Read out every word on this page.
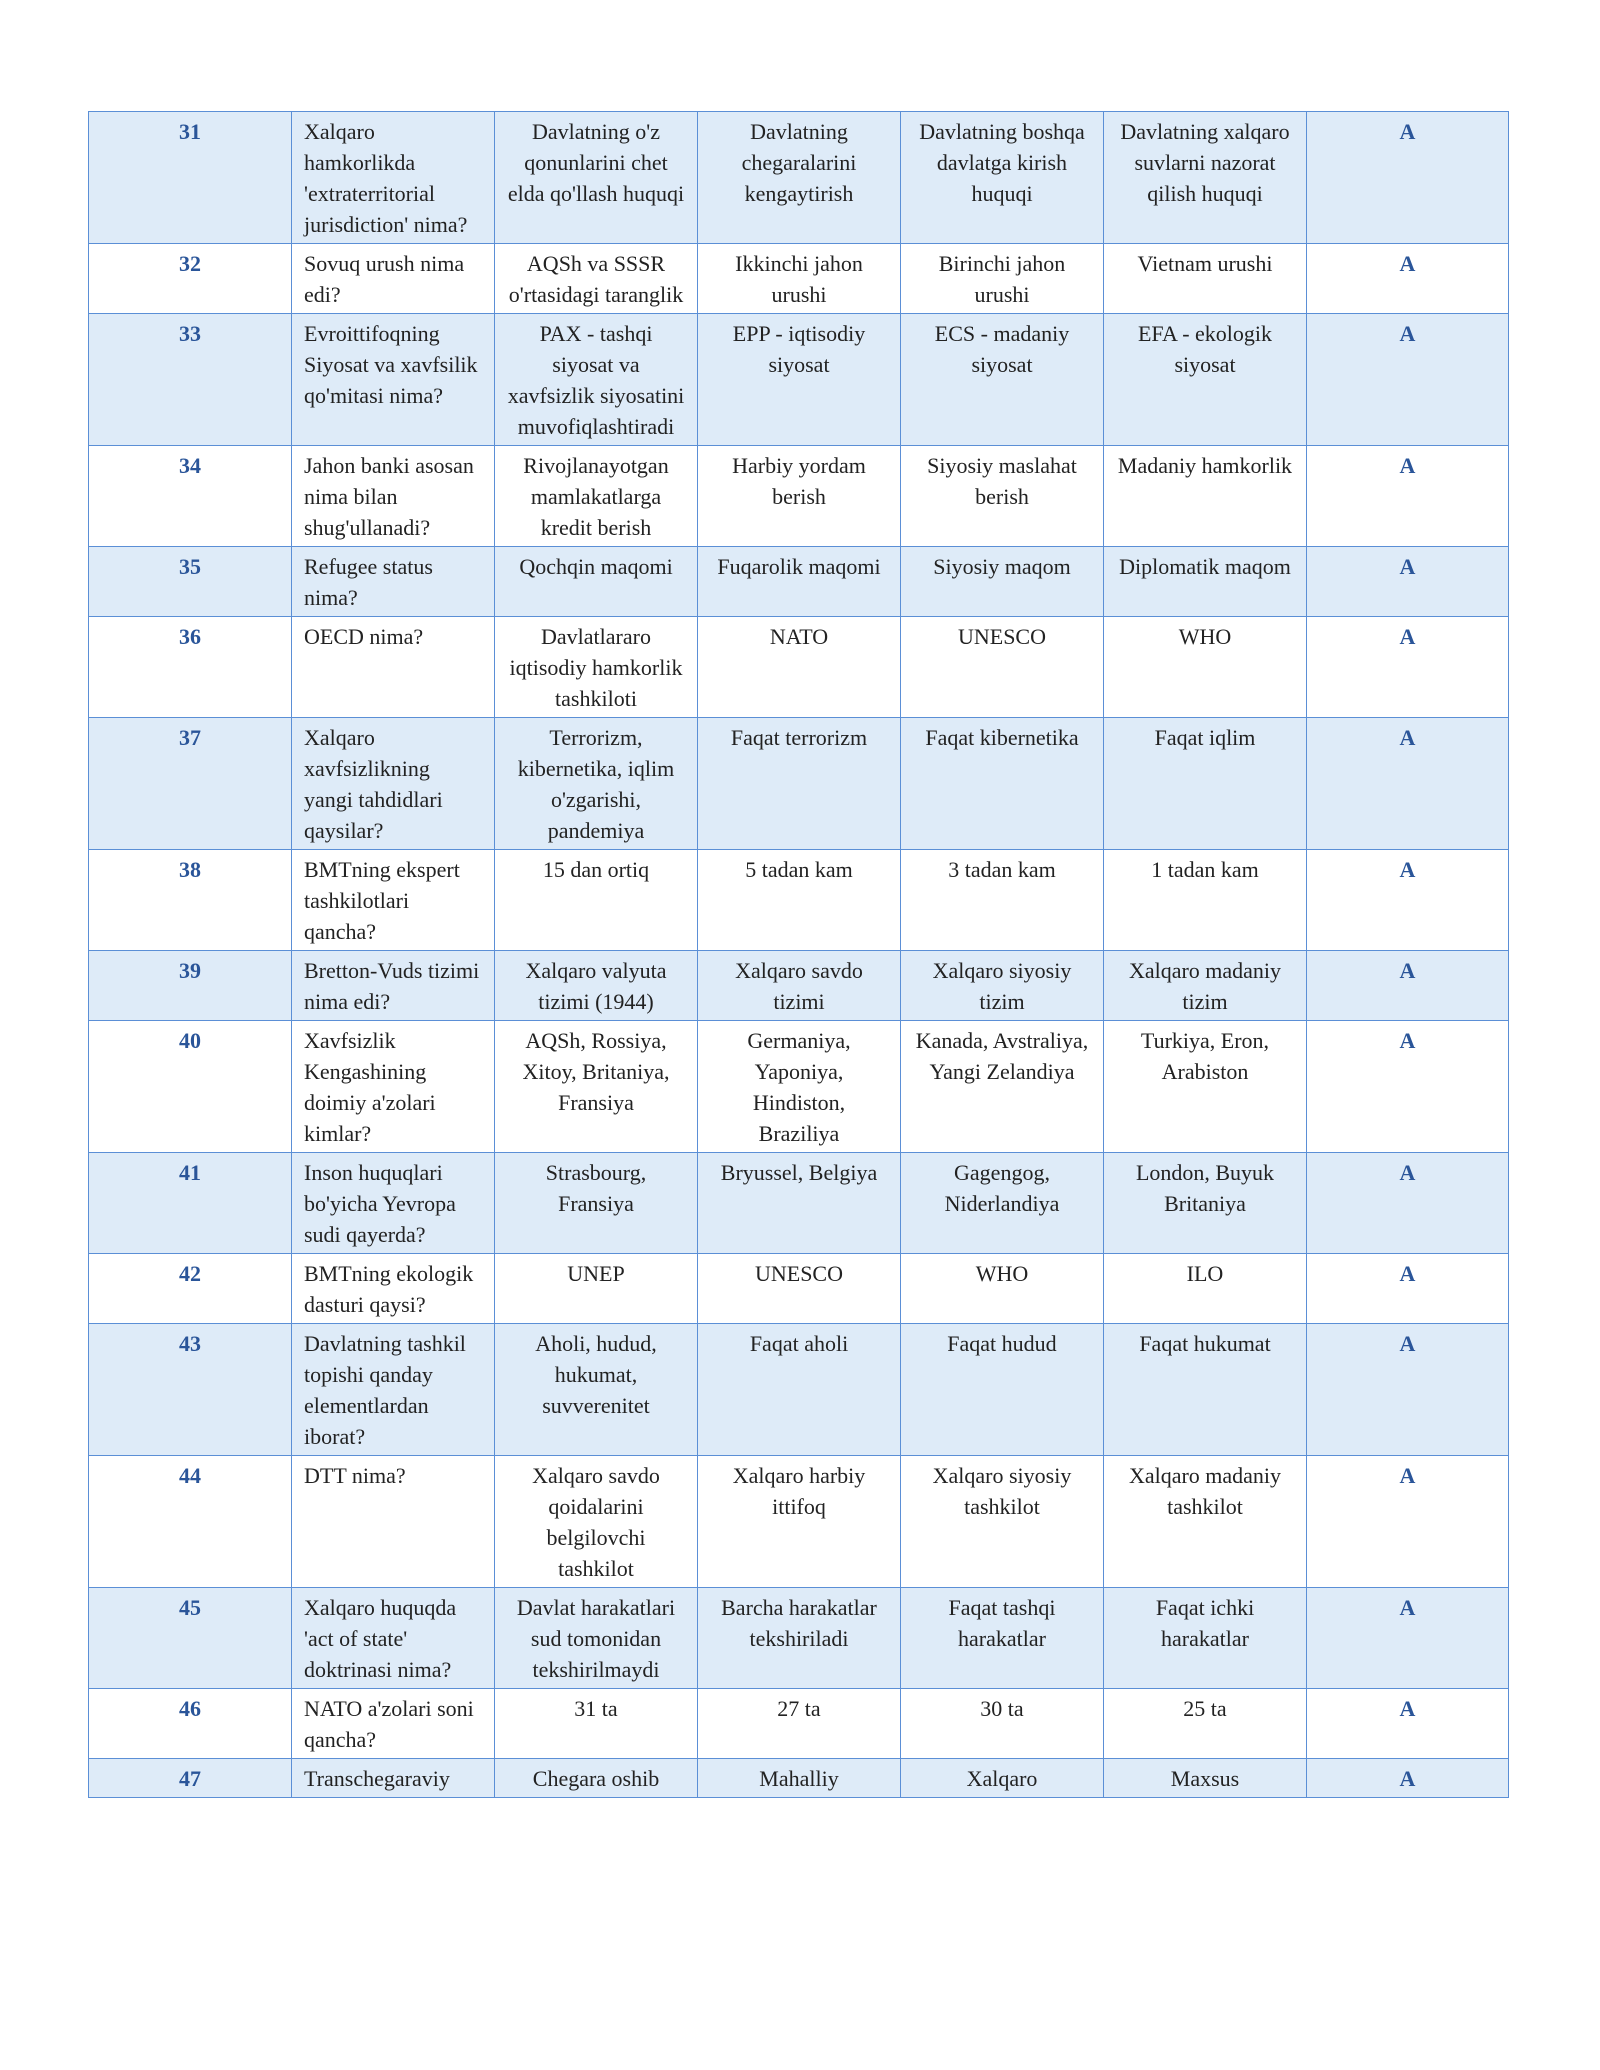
31	Xalqaro hamkorlikda 'extraterritorial jurisdiction' nima?	Davlatning o'z qonunlarini chet elda qo'llash huquqi	Davlatning chegaralarini kengaytirish	Davlatning boshqa davlatga kirish huquqi	Davlatning xalqaro suvlarni nazorat qilish huquqi	A
32	Sovuq urush nima edi?	AQSh va SSSR o'rtasidagi taranglik	Ikkinchi jahon urushi	Birinchi jahon urushi	Vietnam urushi	A
33	Evroittifoqning Siyosat va xavfsilik qo'mitasi nima?	PAX - tashqi siyosat va xavfsizlik siyosatini muvofiqlashtiradi	EPP - iqtisodiy siyosat	ECS - madaniy siyosat	EFA - ekologik siyosat	A
34	Jahon banki asosan nima bilan shug'ullanadi?	Rivojlanayotgan mamlakatlarga kredit berish	Harbiy yordam berish	Siyosiy maslahat berish	Madaniy hamkorlik	A
35	Refugee status nima?	Qochqin maqomi	Fuqarolik maqomi	Siyosiy maqom	Diplomatik maqom	A
36	OECD nima?	Davlatlararo iqtisodiy hamkorlik tashkiloti	NATO	UNESCO	WHO	A
37	Xalqaro xavfsizlikning yangi tahdidlari qaysilar?	Terrorizm, kibernetika, iqlim o'zgarishi, pandemiya	Faqat terrorizm	Faqat kibernetika	Faqat iqlim	A
38	BMTning ekspert tashkilotlari qancha?	15 dan ortiq	5 tadan kam	3 tadan kam	1 tadan kam	A
39	Bretton-Vuds tizimi nima edi?	Xalqaro valyuta tizimi (1944)	Xalqaro savdo tizimi	Xalqaro siyosiy tizim	Xalqaro madaniy tizim	A
40	Xavfsizlik Kengashining doimiy a'zolari kimlar?	AQSh, Rossiya, Xitoy, Britaniya, Fransiya	Germaniya, Yaponiya, Hindiston, Braziliya	Kanada, Avstraliya, Yangi Zelandiya	Turkiya, Eron, Arabiston	A
41	Inson huquqlari bo'yicha Yevropa sudi qayerda?	Strasbourg, Fransiya	Bryussel, Belgiya	Gagengog, Niderlandiya	London, Buyuk Britaniya	A
42	BMTning ekologik dasturi qaysi?	UNEP	UNESCO	WHO	ILO	A
43	Davlatning tashkil topishi qanday elementlardan iborat?	Aholi, hudud, hukumat, suvverenitet	Faqat aholi	Faqat hudud	Faqat hukumat	A
44	DTT nima?	Xalqaro savdo qoidalarini belgilovchi tashkilot	Xalqaro harbiy ittifoq	Xalqaro siyosiy tashkilot	Xalqaro madaniy tashkilot	A
45	Xalqaro huquqda 'act of state' doktrinasi nima?	Davlat harakatlari sud tomonidan tekshirilmaydi	Barcha harakatlar tekshiriladi	Faqat tashqi harakatlar	Faqat ichki harakatlar	A
46	NATO a'zolari soni qancha?	31 ta	27 ta	30 ta	25 ta	A
47	Transchegaraviy	Chegara oshib	Mahalliy	Xalqaro	Maxsus	A
